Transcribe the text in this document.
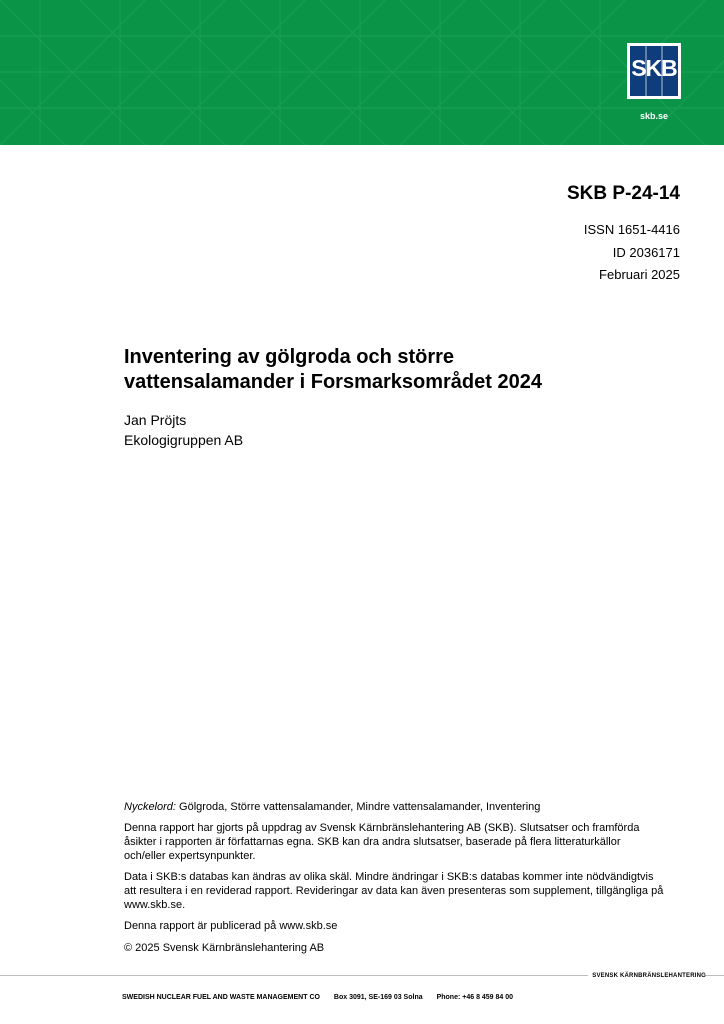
SKB
skb.se
SKB P-24-14
ISSN 1651-4416
ID 2036171
Februari 2025
Inventering av gölgroda och större
vattensalamander i Forsmarksområdet 2024
Jan Pröjts
Ekologigruppen AB

Nyckelord: Gölgroda, Större vattensalamander, Mindre vattensalamander, Inventering

Denna rapport har gjorts på uppdrag av Svensk Kärnbränslehantering AB (SKB). Slutsatser och framförda åsikter i rapporten är författarnas egna. SKB kan dra andra slutsatser, baserade på flera litteraturkällor och/eller expertsynpunkter.

Data i SKB:s databas kan ändras av olika skäl. Mindre ändringar i SKB:s databas kommer inte nödvändigtvis att resultera i en reviderad rapport. Revideringar av data kan även presenteras som supplement, tillgängliga på www.skb.se.

Denna rapport är publicerad på www.skb.se
© 2025 Svensk Kärnbränslehantering AB
SVENSK KÄRNBRÄNSLEHANTERING
SWEDISH NUCLEAR FUEL AND WASTE MANAGEMENT CO Box 3091, SE-169 03 Solna Phone: +46 8 459 84 00
